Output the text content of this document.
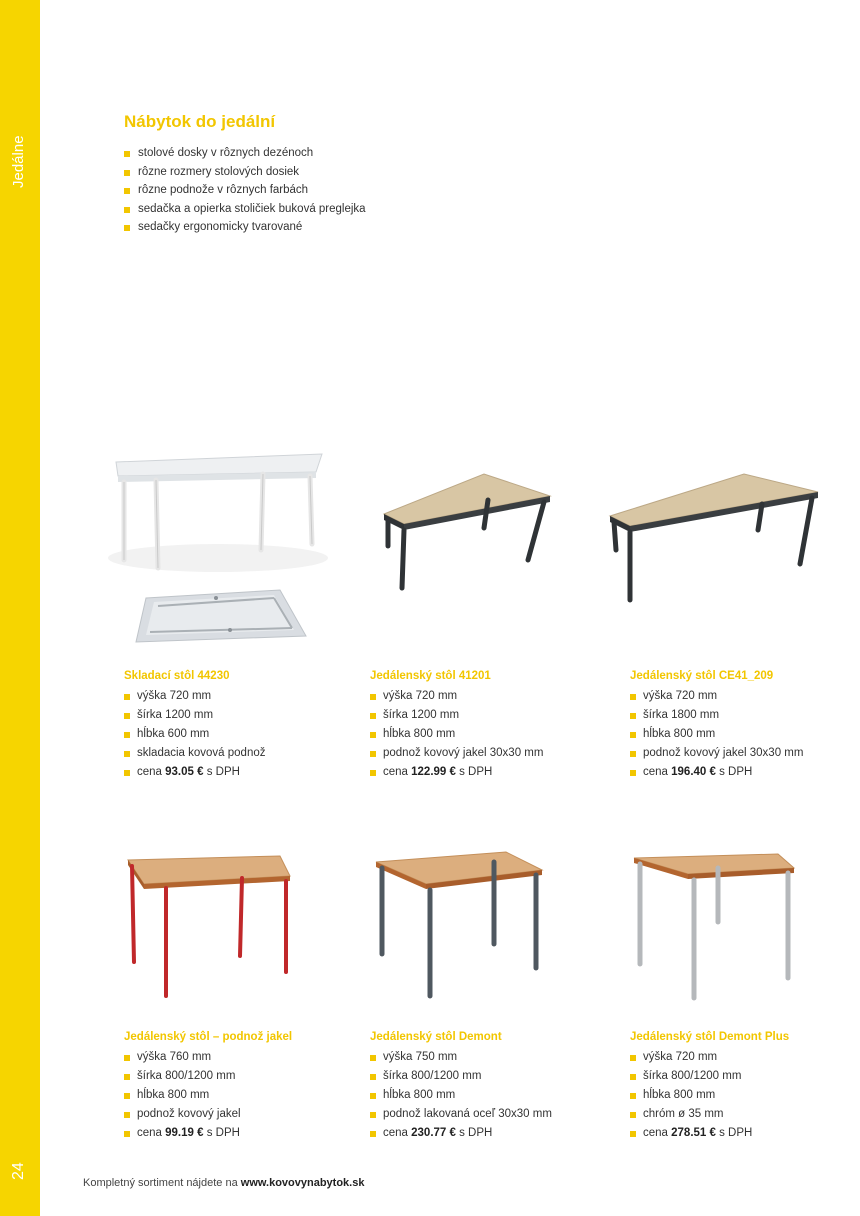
Jedálne
24
Nábytok do jedální
stolové dosky v rôznych dezénoch
rôzne rozmery stolových dosiek
rôzne podnože v rôznych farbách
sedačka a opierka stoličiek buková preglejka
sedačky ergonomicky tvarované
Skladací stôl 44230
výška 720 mm
šírka 1200 mm
hĺbka 600 mm
skladacia kovová podnož
cena 93.05 € s DPH
Jedálenský stôl 41201
výška 720 mm
šírka 1200 mm
hĺbka 800 mm
podnož kovový jakel 30x30 mm
cena 122.99 € s DPH
Jedálenský stôl CE41_209
výška 720 mm
šírka 1800 mm
hĺbka 800 mm
podnož kovový jakel 30x30 mm
cena 196.40 € s DPH
Jedálenský stôl – podnož jakel
výška 760 mm
šírka 800/1200 mm
hĺbka 800 mm
podnož kovový jakel
cena 99.19 € s DPH
Jedálenský stôl Demont
výška 750 mm
šírka 800/1200 mm
hĺbka 800 mm
podnož lakovaná oceľ 30x30 mm
cena 230.77 € s DPH
Jedálenský stôl Demont Plus
výška 720 mm
šírka 800/1200 mm
hĺbka 800 mm
chróm ø 35 mm
cena 278.51 € s DPH
Kompletný sortiment nájdete na www.kovovynabytok.sk
